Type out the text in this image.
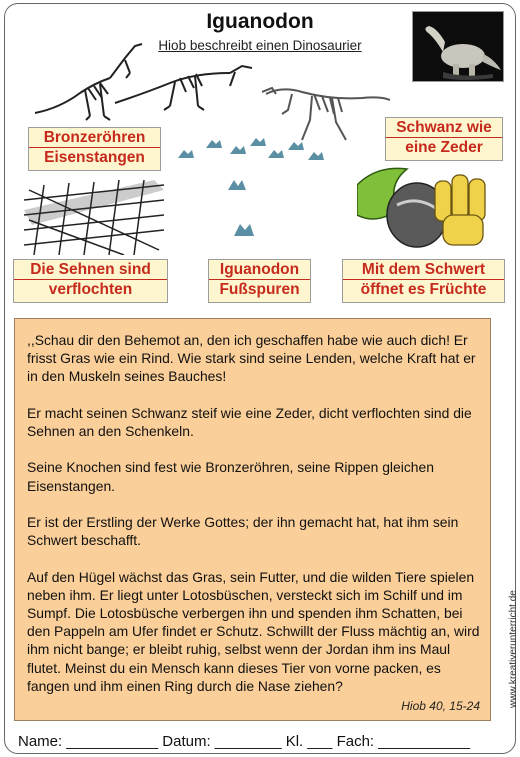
Iguanodon
Hiob beschreibt einen Dinosaurier
Bronzeröhren
Eisenstangen
Schwanz wie
eine Zeder
Die Sehnen sind
verflochten
Iguanodon
Fußspuren
Mit dem Schwert
öffnet es Früchte

,,Schau dir den Behemot an, den ich geschaffen habe wie auch dich! Er frisst Gras wie ein Rind. Wie stark sind seine Lenden, welche Kraft hat er in den Muskeln seines Bauches!

Er macht seinen Schwanz steif wie eine Zeder, dicht verflochten sind die Sehnen an den Schenkeln.

Seine Knochen sind fest wie Bronzeröhren, seine Rippen gleichen Eisenstangen.

Er ist der Erstling der Werke Gottes; der ihn gemacht hat, hat ihm sein Schwert beschafft.

Auf den Hügel wächst das Gras, sein Futter, und die wilden Tiere spielen neben ihm. Er liegt unter Lotosbüschen, versteckt sich im Schilf und im Sumpf. Die Lotosbüsche verbergen ihn und spenden ihm Schatten, bei den Pappeln am Ufer findet er Schutz. Schwillt der Fluss mächtig an, wird ihm nicht bange; er bleibt ruhig, selbst wenn der Jordan ihm ins Maul flutet. Meinst du ein Mensch kann dieses Tier von vorne packen, es fangen und ihm einen Ring durch die Nase ziehen?

Hiob 40, 15-24	www.kreativerunterricht.de
Name: ___________ Datum: ________ Kl. ___ Fach: ___________
